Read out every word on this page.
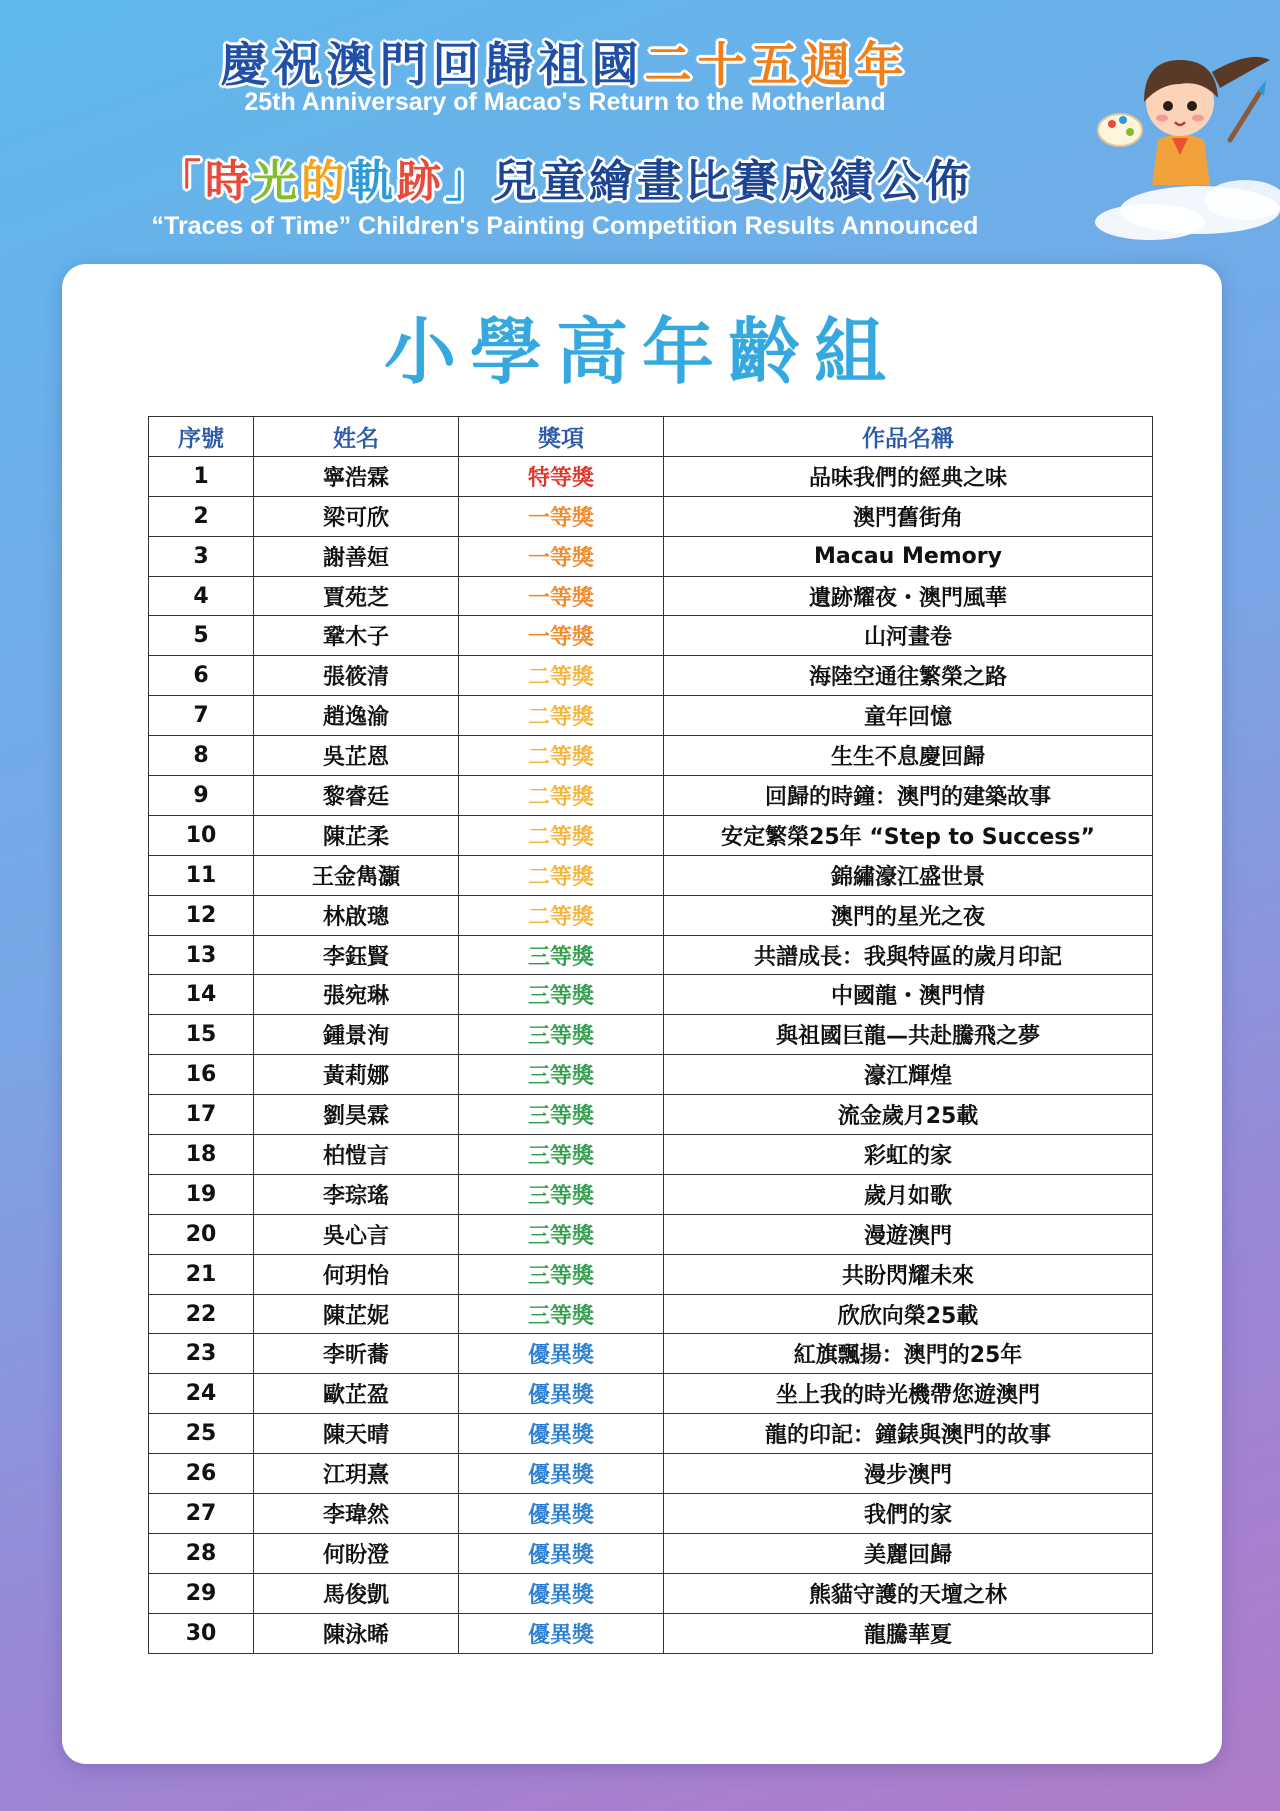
慶祝澳門回歸祖國二十五週年
25th Anniversary of Macao's Return to the Motherland
「時光的軌跡」兒童繪畫比賽成績公佈
“Traces of Time” Children's Painting Competition Results Announced
小學高年齡組
序號	姓名	獎項	作品名稱
1	寧浩霖	特等獎	品味我們的經典之味
2	梁可欣	一等獎	澳門舊街角
3	謝善姮	一等獎	Macau Memory
4	賈苑芝	一等獎	遺跡耀夜・澳門風華
5	鞏木子	一等獎	山河畫卷
6	張筱清	二等獎	海陸空通往繁榮之路
7	趙逸渝	二等獎	童年回憶
8	吳芷恩	二等獎	生生不息慶回歸
9	黎睿廷	二等獎	回歸的時鐘：澳門的建築故事
10	陳芷柔	二等獎	安定繁榮25年 “Step to Success”
11	王金雋灝	二等獎	錦繡濠江盛世景
12	林啟璁	二等獎	澳門的星光之夜
13	李鈺賢	三等獎	共譜成長：我與特區的歲月印記
14	張宛琳	三等獎	中國龍・澳門情
15	鍾景洵	三等獎	與祖國巨龍—共赴騰飛之夢
16	黃莉娜	三等獎	濠江輝煌
17	劉昊霖	三等獎	流金歲月25載
18	柏愷言	三等獎	彩虹的家
19	李琮瑤	三等獎	歲月如歌
20	吳心言	三等獎	漫遊澳門
21	何玥怡	三等獎	共盼閃耀未來
22	陳芷妮	三等獎	欣欣向榮25載
23	李昕蕎	優異獎	紅旗飄揚：澳門的25年
24	歐芷盈	優異獎	坐上我的時光機帶您遊澳門
25	陳天晴	優異獎	龍的印記：鐘錶與澳門的故事
26	江玥熹	優異獎	漫步澳門
27	李瑋然	優異獎	我們的家
28	何盼澄	優異獎	美麗回歸
29	馬俊凱	優異獎	熊貓守護的天壇之林
30	陳泳晞	優異獎	龍騰華夏
